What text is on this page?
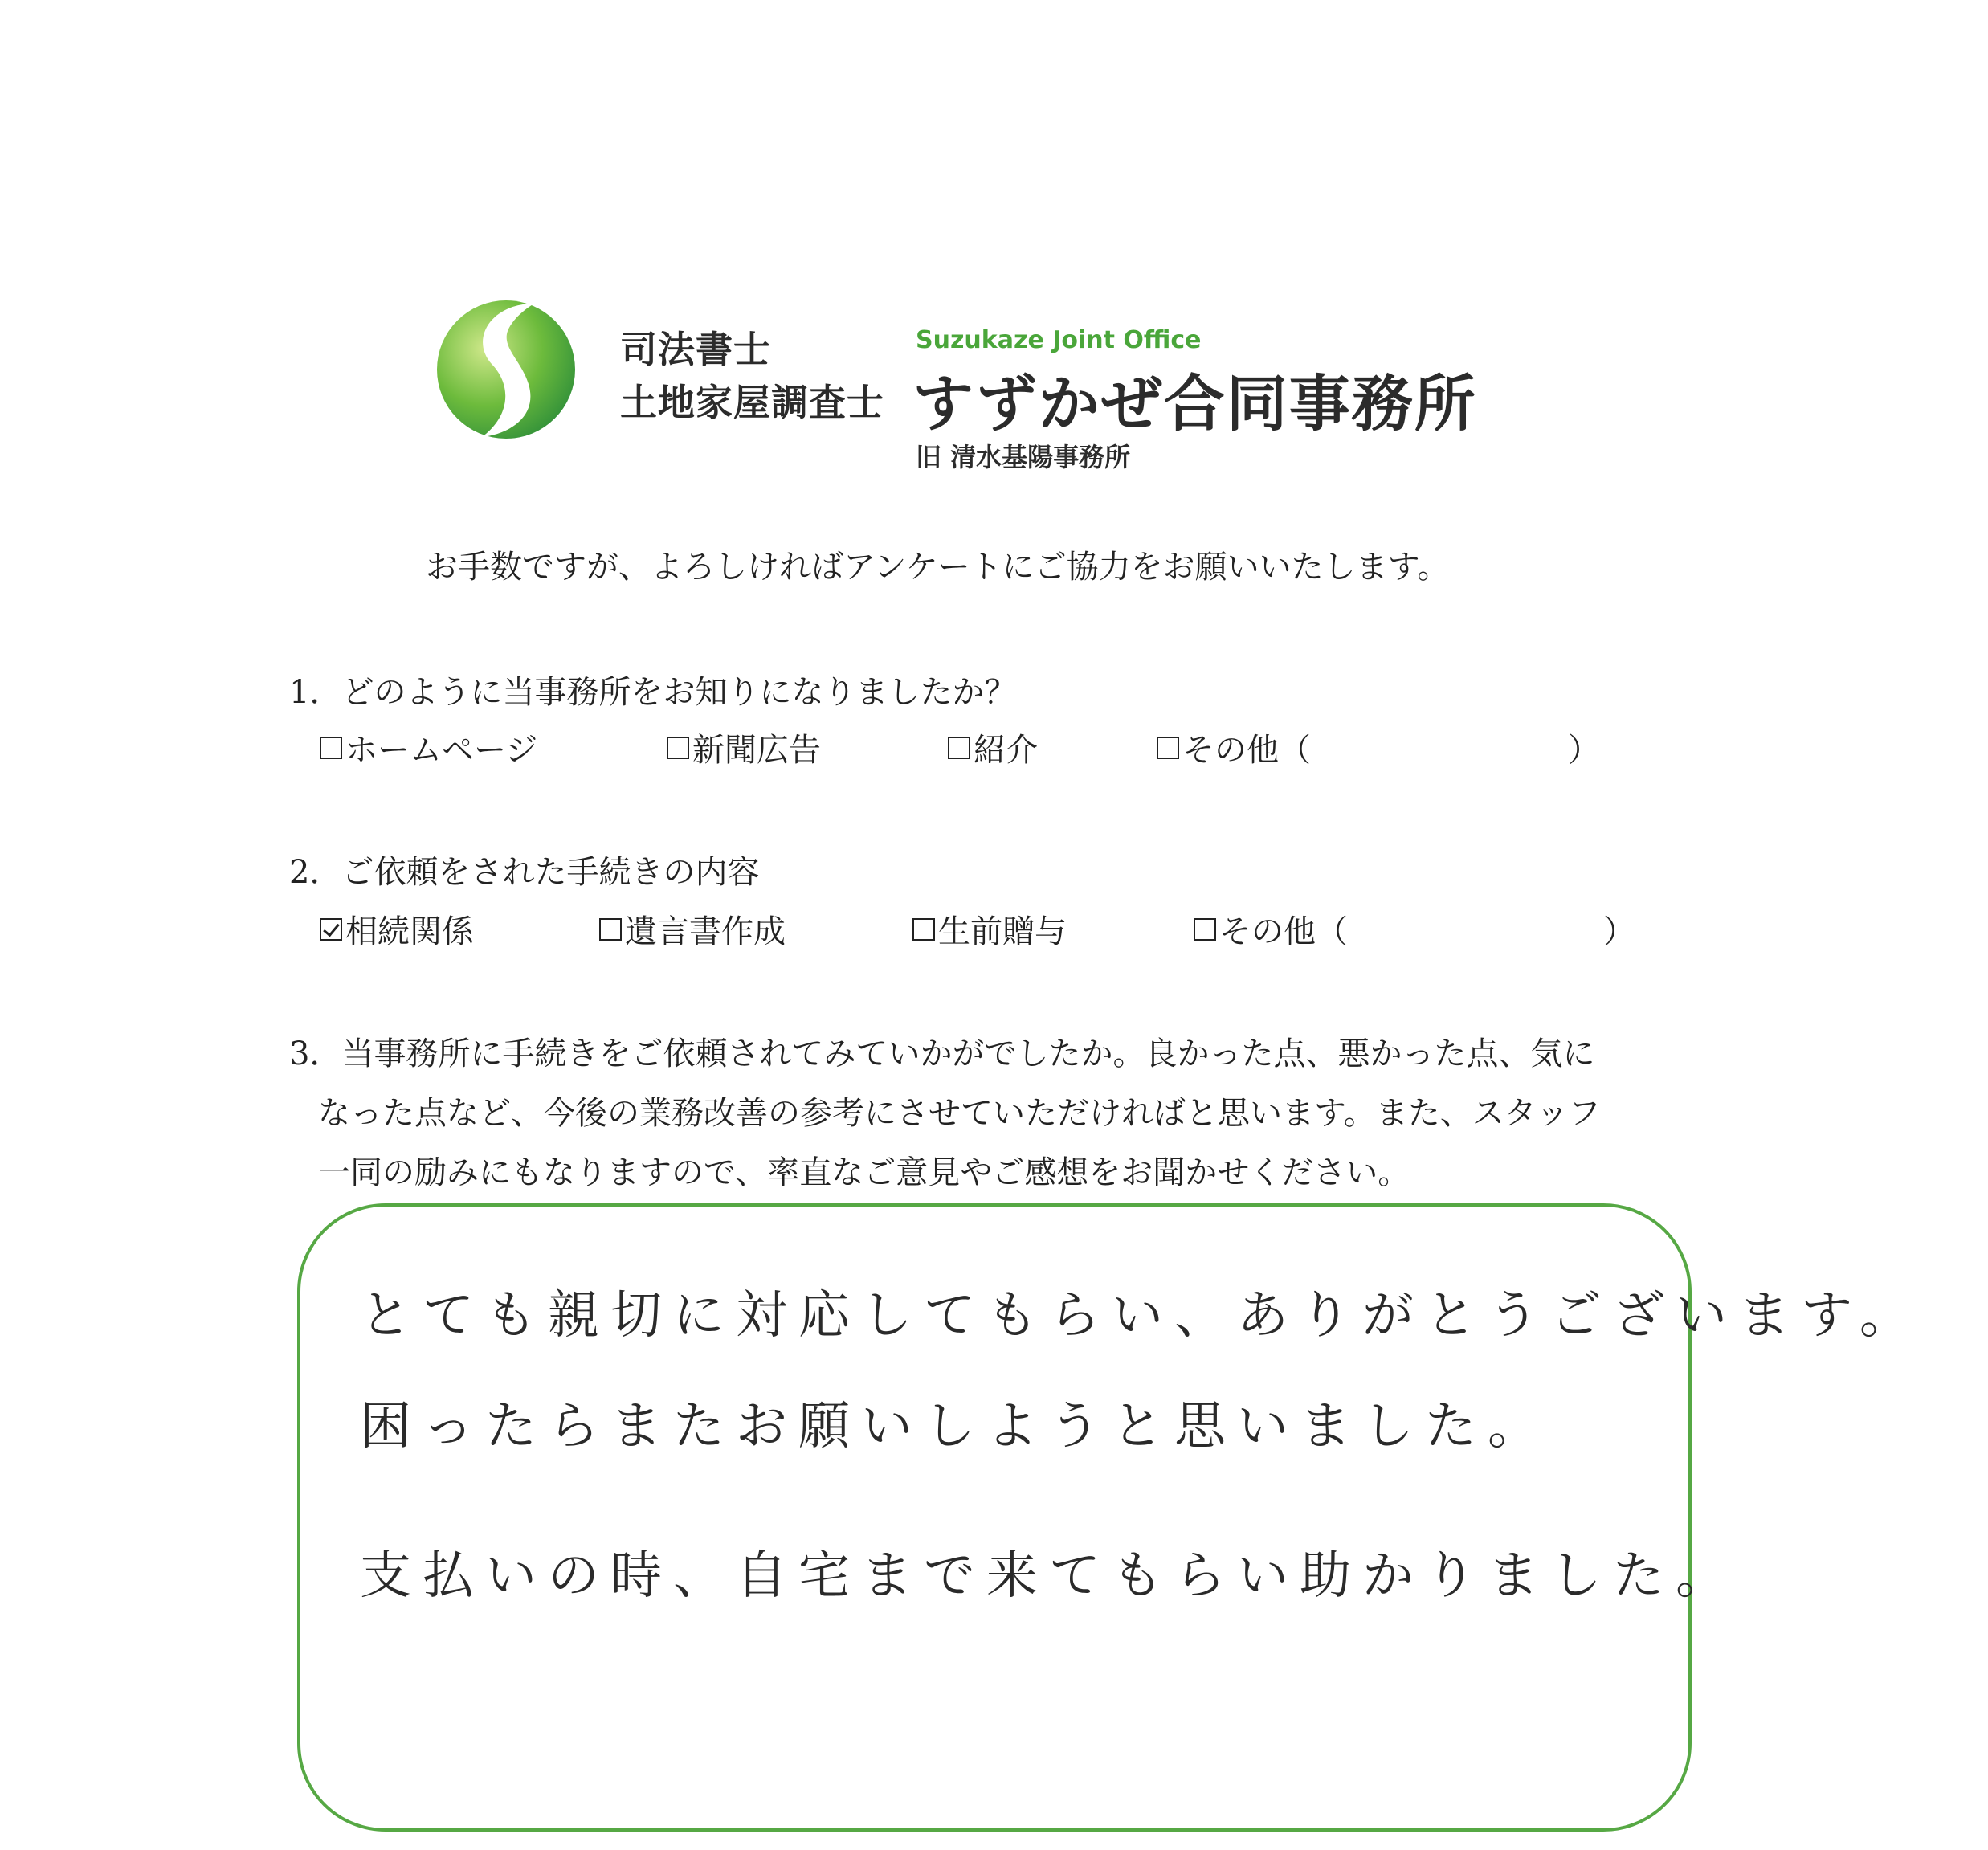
司法書士
土地家屋調査士
Suzukaze Joint Office
すずかぜ合同事務所
旧 清水基陽事務所
お手数ですが、よろしければアンケートにご協力をお願いいたします。
1．どのように当事務所をお知りになりましたか？
ホームページ	新聞広告	紹介	その他（	）
2．ご依頼をされた手続きの内容
相続関係	遺言書作成	生前贈与	その他（	）
3．当事務所に手続きをご依頼されてみていかがでしたか。良かった点、悪かった点、気に
なった点など、今後の業務改善の参考にさせていただければと思います。また、スタッフ
一同の励みにもなりますので、率直なご意見やご感想をお聞かせください。
とても親切に対応してもらい、ありがとうございます。
困ったらまたお願いしようと思いました。
支払いの時、自宅まで来てもらい助かりました。
